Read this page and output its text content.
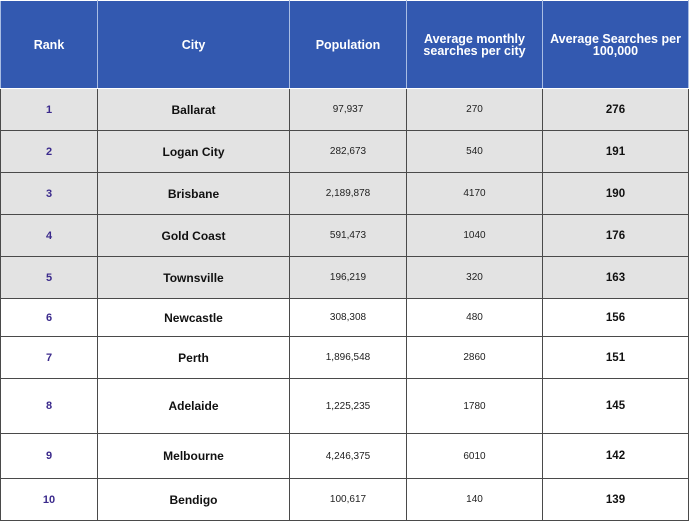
Rank	City	Population	Average monthly searches per city	Average Searches per 100,000
1	Ballarat	97,937	270	276
2	Logan City	282,673	540	191
3	Brisbane	2,189,878	4170	190
4	Gold Coast	591,473	1040	176
5	Townsville	196,219	320	163
6	Newcastle	308,308	480	156
7	Perth	1,896,548	2860	151
8	Adelaide	1,225,235	1780	145
9	Melbourne	4,246,375	6010	142
10	Bendigo	100,617	140	139
